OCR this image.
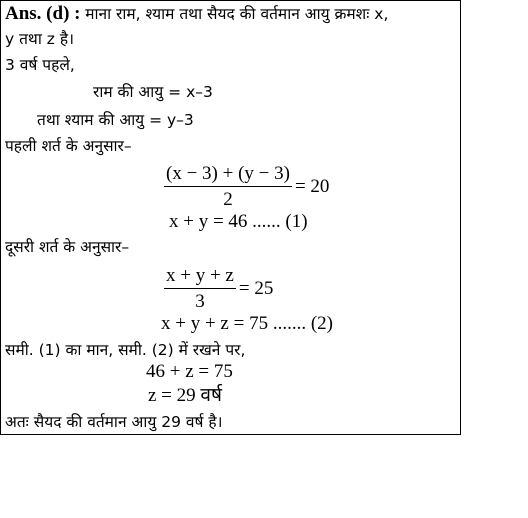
Ans. (d) : माना राम, श्याम तथा सैयद की वर्तमान आयु क्रमशः x,
y तथा z है।
3 वर्ष पहले,
राम की आयु = x–3
तथा श्याम की आयु = y–3
पहली शर्त के अनुसार–
$\frac{(x - 3) + (y - 3)}{2} = 20$
x + y = 46 ...... (1)
दूसरी शर्त के अनुसार–
$\frac{x + y + z}{3} = 25$
x + y + z = 75 ....... (2)
समी. (1) का मान, समी. (2) में रखने पर,
46 + z = 75
z = 29 वर्ष
अतः सैयद की वर्तमान आयु 29 वर्ष है।
